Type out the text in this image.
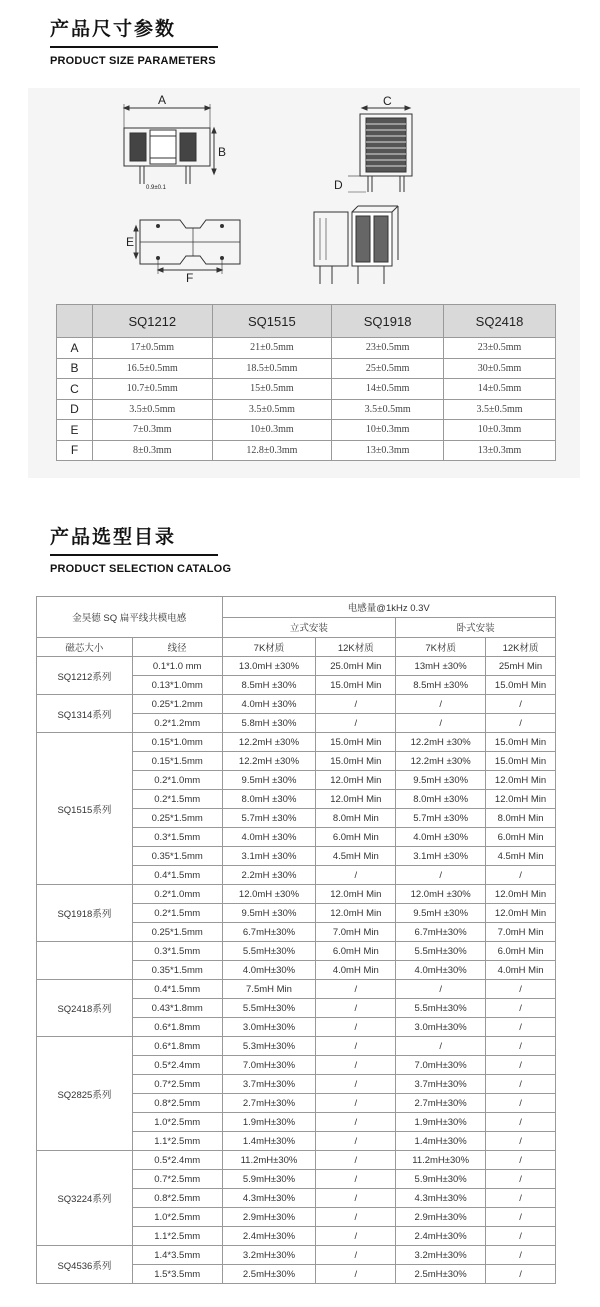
产品尺寸参数
PRODUCT SIZE PARAMETERS
A
B
0.9±0.1
C
D
E
F
	SQ1212	SQ1515	SQ1918	SQ2418
A	17±0.5mm	21±0.5mm	23±0.5mm	23±0.5mm
B	16.5±0.5mm	18.5±0.5mm	25±0.5mm	30±0.5mm
C	10.7±0.5mm	15±0.5mm	14±0.5mm	14±0.5mm
D	3.5±0.5mm	3.5±0.5mm	3.5±0.5mm	3.5±0.5mm
E	7±0.3mm	10±0.3mm	10±0.3mm	10±0.3mm
F	8±0.3mm	12.8±0.3mm	13±0.3mm	13±0.3mm
产品选型目录
PRODUCT SELECTION CATALOG
金昊德 SQ 扁平线共模电感		电感量@1kHz 0.3V			
		立式安装		卧式安装	
磁芯大小	线径	7K材质	12K材质	7K材质	12K材质
SQ1212系列	0.1*1.0 mm	13.0mH ±30%	25.0mH Min	13mH ±30%	25mH Min
	0.13*1.0mm	8.5mH ±30%	15.0mH Min	8.5mH ±30%	15.0mH Min
SQ1314系列	0.25*1.2mm	4.0mH ±30%	/	/	/
	0.2*1.2mm	5.8mH ±30%	/	/	/
SQ1515系列	0.15*1.0mm	12.2mH ±30%	15.0mH Min	12.2mH ±30%	15.0mH Min
	0.15*1.5mm	12.2mH ±30%	15.0mH Min	12.2mH ±30%	15.0mH Min
	0.2*1.0mm	9.5mH ±30%	12.0mH Min	9.5mH ±30%	12.0mH Min
	0.2*1.5mm	8.0mH ±30%	12.0mH Min	8.0mH ±30%	12.0mH Min
	0.25*1.5mm	5.7mH ±30%	8.0mH Min	5.7mH ±30%	8.0mH Min
	0.3*1.5mm	4.0mH ±30%	6.0mH Min	4.0mH ±30%	6.0mH Min
	0.35*1.5mm	3.1mH ±30%	4.5mH Min	3.1mH ±30%	4.5mH Min
	0.4*1.5mm	2.2mH ±30%	/	/	/
SQ1918系列	0.2*1.0mm	12.0mH ±30%	12.0mH Min	12.0mH ±30%	12.0mH Min
	0.2*1.5mm	9.5mH ±30%	12.0mH Min	9.5mH ±30%	12.0mH Min
	0.25*1.5mm	6.7mH±30%	7.0mH Min	6.7mH±30%	7.0mH Min
	0.3*1.5mm	5.5mH±30%	6.0mH Min	5.5mH±30%	6.0mH Min
	0.35*1.5mm	4.0mH±30%	4.0mH Min	4.0mH±30%	4.0mH Min
SQ2418系列	0.4*1.5mm	7.5mH Min	/	/	/
	0.43*1.8mm	5.5mH±30%	/	5.5mH±30%	/
	0.6*1.8mm	3.0mH±30%	/	3.0mH±30%	/
SQ2825系列	0.6*1.8mm	5.3mH±30%	/	/	/
	0.5*2.4mm	7.0mH±30%	/	7.0mH±30%	/
	0.7*2.5mm	3.7mH±30%	/	3.7mH±30%	/
	0.8*2.5mm	2.7mH±30%	/	2.7mH±30%	/
	1.0*2.5mm	1.9mH±30%	/	1.9mH±30%	/
	1.1*2.5mm	1.4mH±30%	/	1.4mH±30%	/
SQ3224系列	0.5*2.4mm	11.2mH±30%	/	11.2mH±30%	/
	0.7*2.5mm	5.9mH±30%	/	5.9mH±30%	/
	0.8*2.5mm	4.3mH±30%	/	4.3mH±30%	/
	1.0*2.5mm	2.9mH±30%	/	2.9mH±30%	/
	1.1*2.5mm	2.4mH±30%	/	2.4mH±30%	/
SQ4536系列	1.4*3.5mm	3.2mH±30%	/	3.2mH±30%	/
	1.5*3.5mm	2.5mH±30%	/	2.5mH±30%	/
